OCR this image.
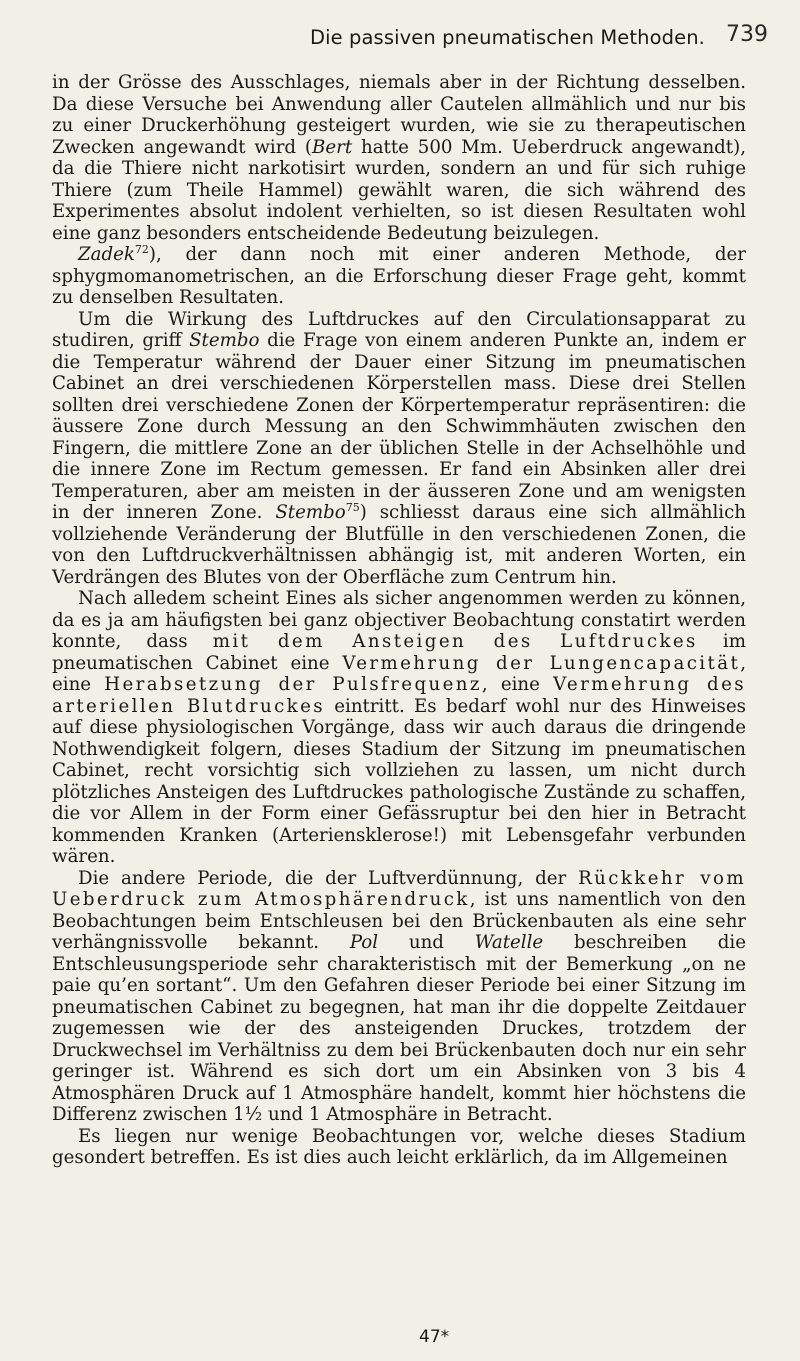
Die passiven pneumatischen Methoden. 739

in der Grösse des Ausschlages, niemals aber in der Richtung desselben. Da diese Versuche bei Anwendung aller Cautelen allmählich und nur bis zu einer Druckerhöhung gesteigert wurden, wie sie zu therapeutischen Zwecken angewandt wird (Bert hatte 500 Mm. Ueberdruck angewandt), da die Thiere nicht narkotisirt wurden, sondern an und für sich ruhige Thiere (zum Theile Hammel) gewählt waren, die sich während des Experimentes absolut indolent verhielten, so ist diesen Resultaten wohl eine ganz besonders entscheidende Bedeutung beizulegen.

Zadek$^{72}$), der dann noch mit einer anderen Methode, der sphygmomanometrischen, an die Erforschung dieser Frage geht, kommt zu denselben Resultaten.

Um die Wirkung des Luftdruckes auf den Circulationsapparat zu studiren, griff Stembo die Frage von einem anderen Punkte an, indem er die Temperatur während der Dauer einer Sitzung im pneumatischen Cabinet an drei verschiedenen Körperstellen mass. Diese drei Stellen sollten drei verschiedene Zonen der Körpertemperatur repräsentiren: die äussere Zone durch Messung an den Schwimmhäuten zwischen den Fingern, die mittlere Zone an der üblichen Stelle in der Achselhöhle und die innere Zone im Rectum gemessen. Er fand ein Absinken aller drei Temperaturen, aber am meisten in der äusseren Zone und am wenigsten in der inneren Zone. Stembo$^{75}$) schliesst daraus eine sich allmählich vollziehende Veränderung der Blutfülle in den verschiedenen Zonen, die von den Luftdruckverhältnissen abhängig ist, mit anderen Worten, ein Verdrängen des Blutes von der Oberfläche zum Centrum hin.

Nach alledem scheint Eines als sicher angenommen werden zu können, da es ja am häufigsten bei ganz objectiver Beobachtung constatirt werden konnte, dass mit dem Ansteigen des Luftdruckes im pneumatischen Cabinet eine Vermehrung der Lungencapacität, eine Herabsetzung der Pulsfrequenz, eine Vermehrung des arteriellen Blutdruckes eintritt. Es bedarf wohl nur des Hinweises auf diese physiologischen Vorgänge, dass wir auch daraus die dringende Nothwendigkeit folgern, dieses Stadium der Sitzung im pneumatischen Cabinet, recht vorsichtig sich vollziehen zu lassen, um nicht durch plötzliches Ansteigen des Luftdruckes pathologische Zustände zu schaffen, die vor Allem in der Form einer Gefässruptur bei den hier in Betracht kommenden Kranken (Arteriensklerose!) mit Lebensgefahr verbunden wären.

Die andere Periode, die der Luftverdünnung, der Rückkehr vom Ueberdruck zum Atmosphärendruck, ist uns namentlich von den Beobachtungen beim Entschleusen bei den Brückenbauten als eine sehr verhängnissvolle bekannt. Pol und Watelle beschreiben die Entschleusungsperiode sehr charakteristisch mit der Bemerkung „on ne paie qu’en sortant“. Um den Gefahren dieser Periode bei einer Sitzung im pneumatischen Cabinet zu begegnen, hat man ihr die doppelte Zeitdauer zugemessen wie der des ansteigenden Druckes, trotzdem der Druckwechsel im Verhältniss zu dem bei Brückenbauten doch nur ein sehr geringer ist. Während es sich dort um ein Absinken von 3 bis 4 Atmosphären Druck auf 1 Atmosphäre handelt, kommt hier höchstens die Differenz zwischen 1½ und 1 Atmosphäre in Betracht.

Es liegen nur wenige Beobachtungen vor, welche dieses Stadium gesondert betreffen. Es ist dies auch leicht erklärlich, da im Allgemeinen

47*
